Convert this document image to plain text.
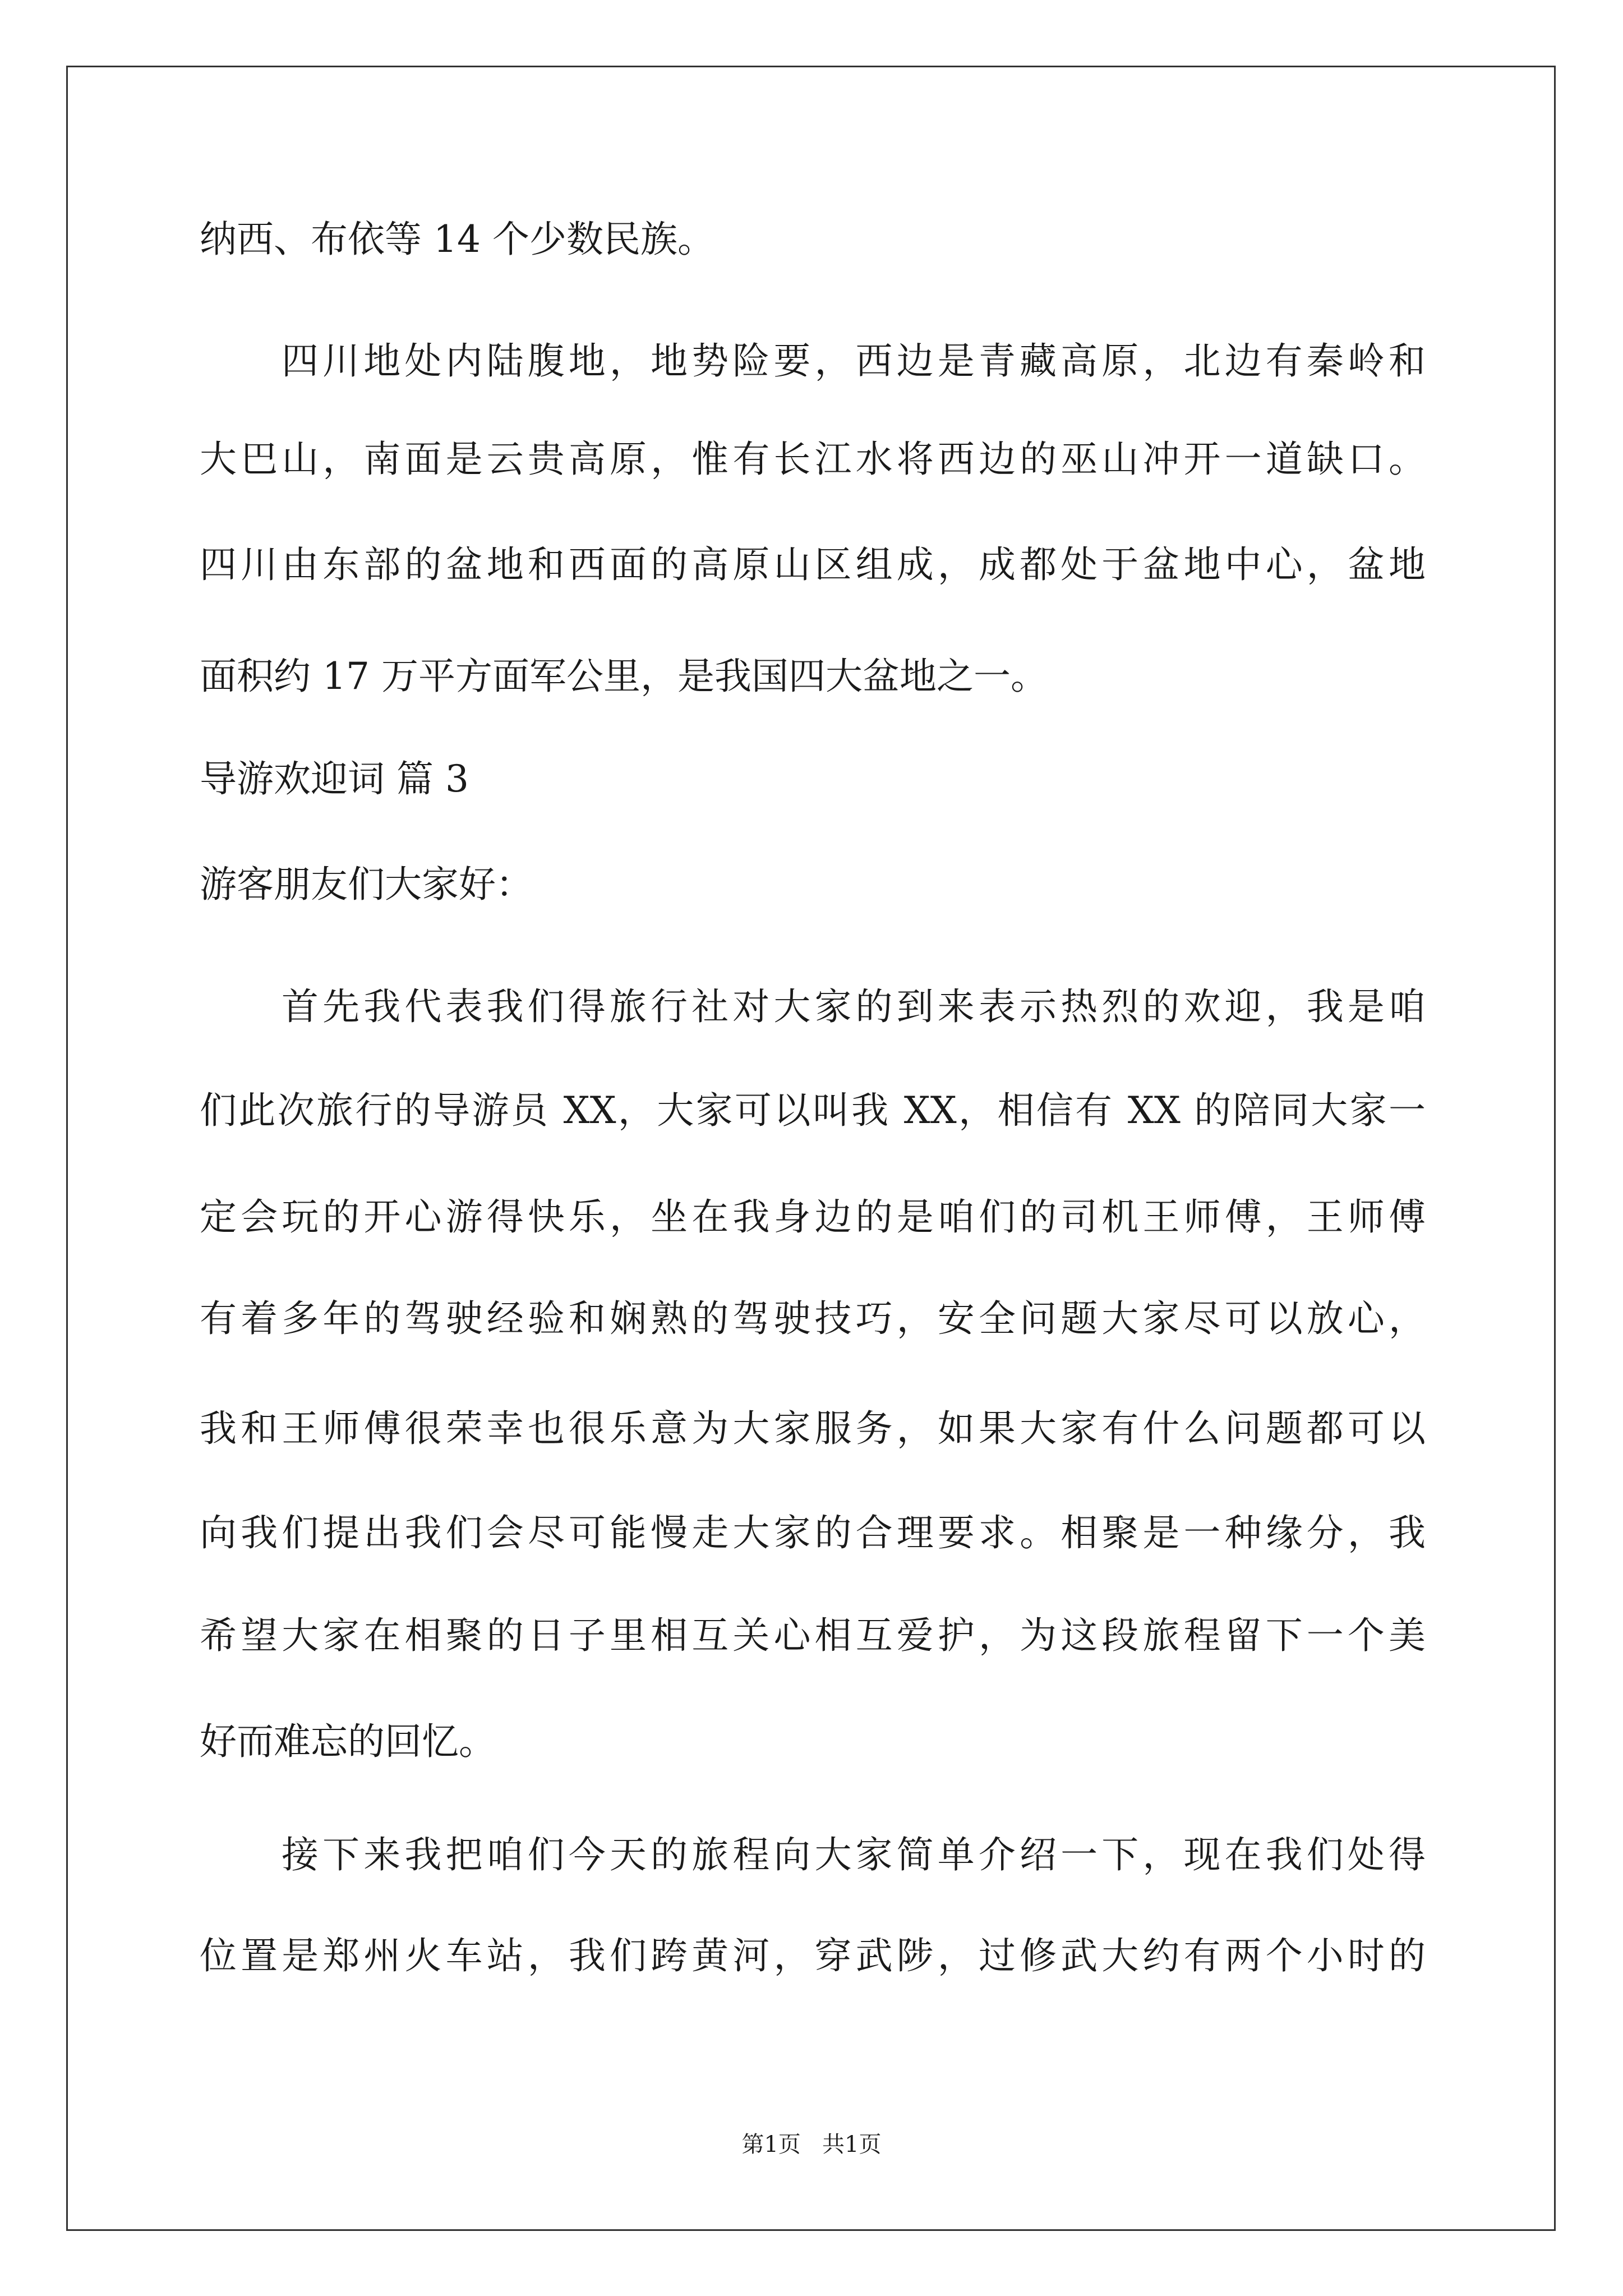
纳西、布依等 14 个少数民族。
四川地处内陆腹地，地势险要，西边是青藏高原，北边有秦岭和
大巴山，南面是云贵高原，惟有长江水将西边的巫山冲开一道缺口。
四川由东部的盆地和西面的高原山区组成，成都处于盆地中心，盆地
面积约 17 万平方面军公里，是我国四大盆地之一。
导游欢迎词 篇 3
游客朋友们大家好：
首先我代表我们得旅行社对大家的到来表示热烈的欢迎，我是咱
们此次旅行的导游员 XX，大家可以叫我 XX，相信有 XX 的陪同大家一
定会玩的开心游得快乐，坐在我身边的是咱们的司机王师傅，王师傅
有着多年的驾驶经验和娴熟的驾驶技巧，安全问题大家尽可以放心，
我和王师傅很荣幸也很乐意为大家服务，如果大家有什么问题都可以
向我们提出我们会尽可能慢走大家的合理要求。相聚是一种缘分，我
希望大家在相聚的日子里相互关心相互爱护，为这段旅程留下一个美
好而难忘的回忆。
接下来我把咱们今天的旅程向大家简单介绍一下，现在我们处得
位置是郑州火车站，我们跨黄河，穿武陟，过修武大约有两个小时的
第1页   共1页
